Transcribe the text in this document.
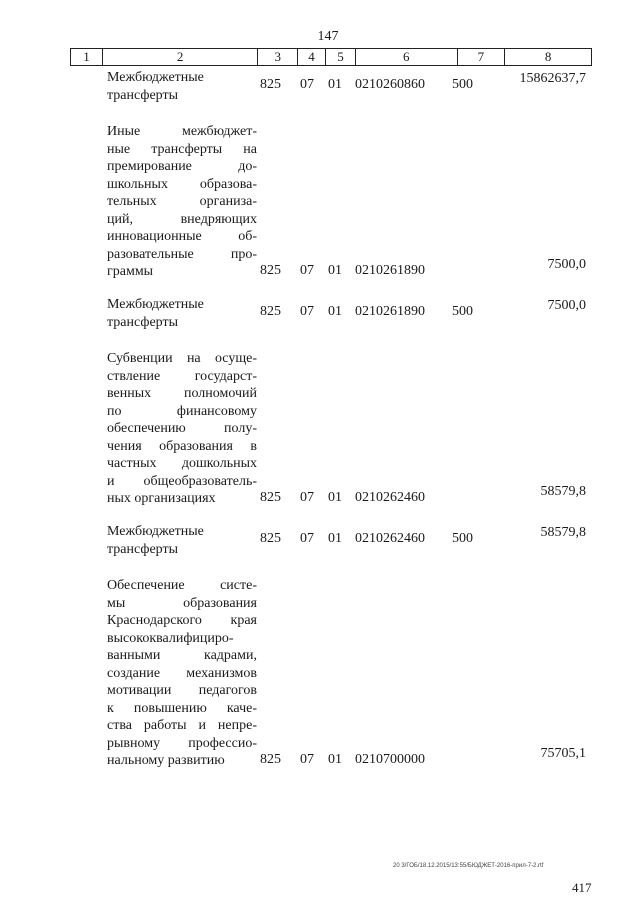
147
1	2	3	4	5	6	7	8
Межбюджетные
трансферты
825 07 01 0210260860 500	15862637,7
Иные межбюджет-
ные трансферты на
премирование до-
школьных образова-
тельных организа-
ций, внедряющих
инновационные об-
разовательные про-
граммы	825 07 01 0210261890	7500,0
Межбюджетные
трансферты
825 07 01 0210261890 500	7500,0
Субвенции на осуще-
ствление государст-
венных полномочий
по финансовому
обеспечению полу-
чения образования в
частных дошкольных
и общеобразователь-
ных организациях	825 07 01 0210262460	58579,8
Межбюджетные
трансферты
825 07 01 0210262460 500	58579,8
Обеспечение систе-
мы образования
Краснодарского края
высококвалифициро-
ванными кадрами,
создание механизмов
мотивации педагогов
к повышению каче-
ства работы и непре-
рывному профессио-
нальному развитию	825 07 01 0210700000	75705,1
20 3/ГОБ/18.12.2015/13:55/БЮДЖЕТ-2016-прил-7-2.rtf
417
